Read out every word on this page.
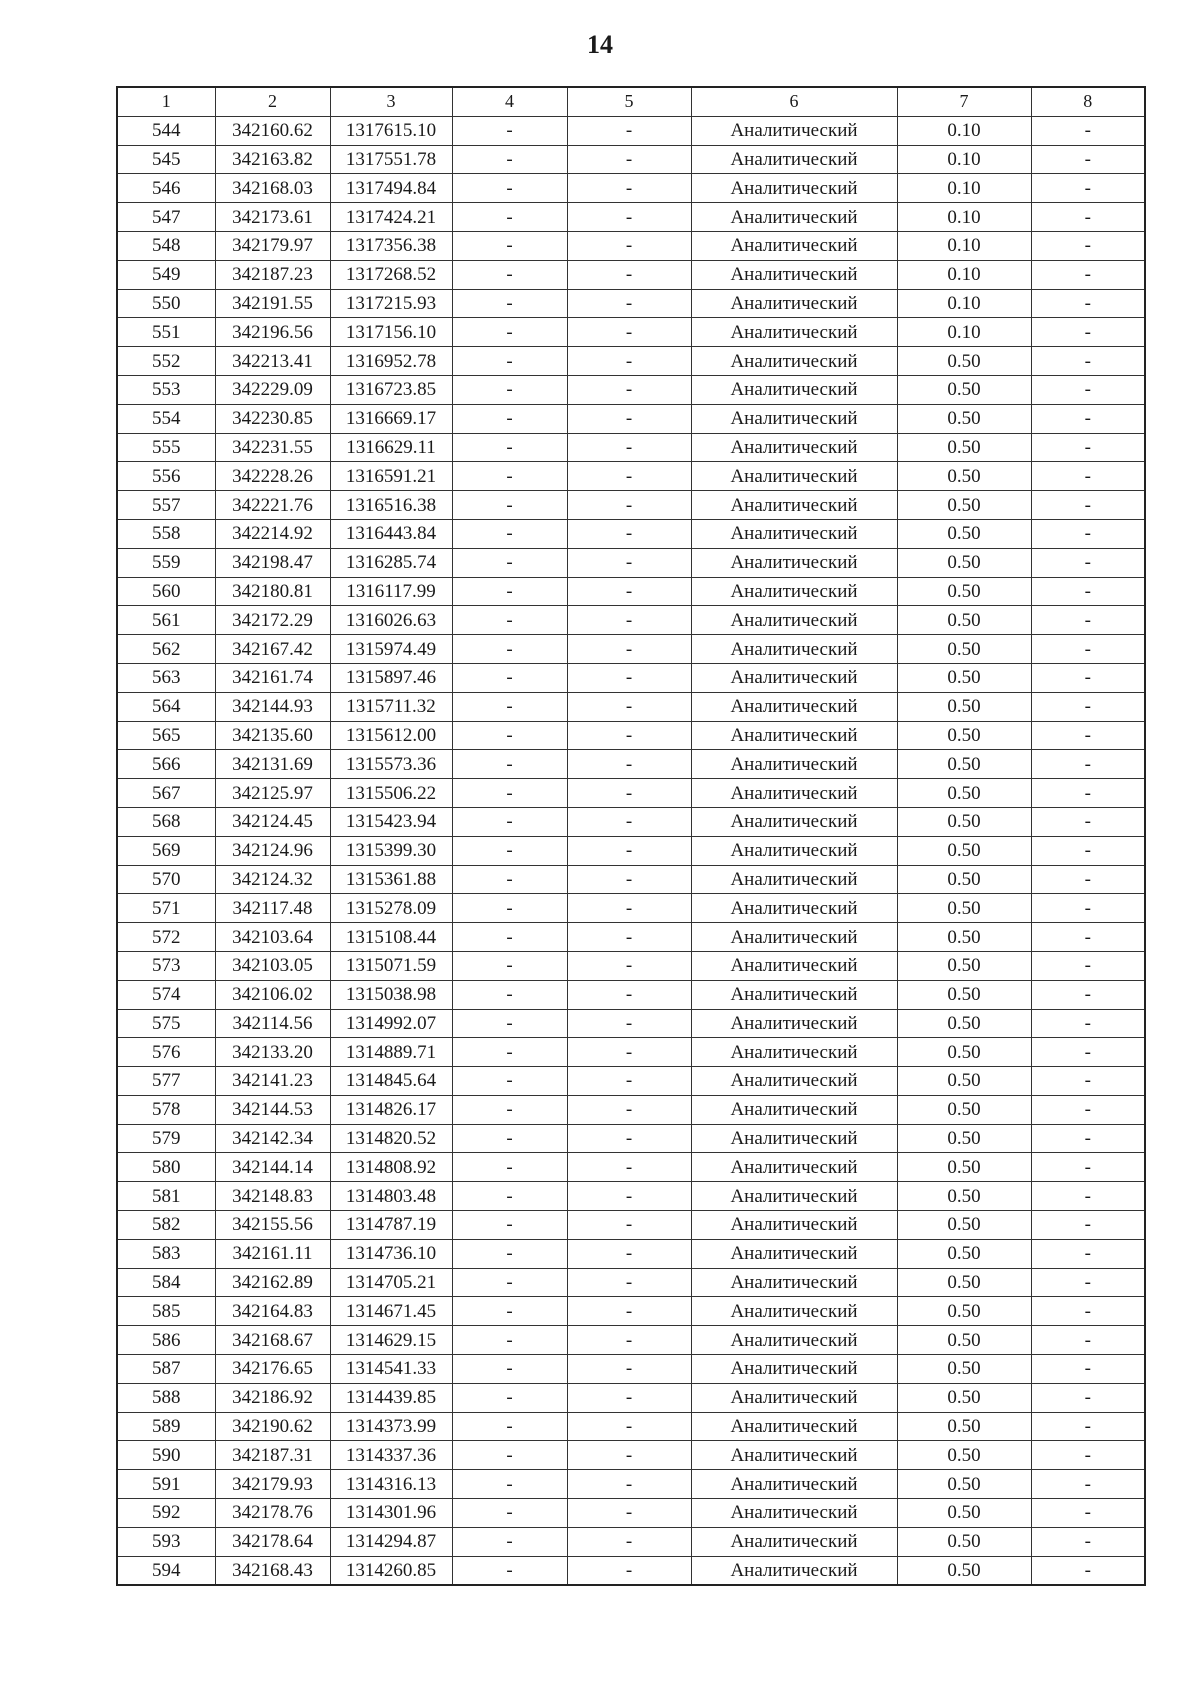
14
1	2	3	4	5	6	7	8
544	342160.62	1317615.10	-	-	Аналитический	0.10	-
545	342163.82	1317551.78	-	-	Аналитический	0.10	-
546	342168.03	1317494.84	-	-	Аналитический	0.10	-
547	342173.61	1317424.21	-	-	Аналитический	0.10	-
548	342179.97	1317356.38	-	-	Аналитический	0.10	-
549	342187.23	1317268.52	-	-	Аналитический	0.10	-
550	342191.55	1317215.93	-	-	Аналитический	0.10	-
551	342196.56	1317156.10	-	-	Аналитический	0.10	-
552	342213.41	1316952.78	-	-	Аналитический	0.50	-
553	342229.09	1316723.85	-	-	Аналитический	0.50	-
554	342230.85	1316669.17	-	-	Аналитический	0.50	-
555	342231.55	1316629.11	-	-	Аналитический	0.50	-
556	342228.26	1316591.21	-	-	Аналитический	0.50	-
557	342221.76	1316516.38	-	-	Аналитический	0.50	-
558	342214.92	1316443.84	-	-	Аналитический	0.50	-
559	342198.47	1316285.74	-	-	Аналитический	0.50	-
560	342180.81	1316117.99	-	-	Аналитический	0.50	-
561	342172.29	1316026.63	-	-	Аналитический	0.50	-
562	342167.42	1315974.49	-	-	Аналитический	0.50	-
563	342161.74	1315897.46	-	-	Аналитический	0.50	-
564	342144.93	1315711.32	-	-	Аналитический	0.50	-
565	342135.60	1315612.00	-	-	Аналитический	0.50	-
566	342131.69	1315573.36	-	-	Аналитический	0.50	-
567	342125.97	1315506.22	-	-	Аналитический	0.50	-
568	342124.45	1315423.94	-	-	Аналитический	0.50	-
569	342124.96	1315399.30	-	-	Аналитический	0.50	-
570	342124.32	1315361.88	-	-	Аналитический	0.50	-
571	342117.48	1315278.09	-	-	Аналитический	0.50	-
572	342103.64	1315108.44	-	-	Аналитический	0.50	-
573	342103.05	1315071.59	-	-	Аналитический	0.50	-
574	342106.02	1315038.98	-	-	Аналитический	0.50	-
575	342114.56	1314992.07	-	-	Аналитический	0.50	-
576	342133.20	1314889.71	-	-	Аналитический	0.50	-
577	342141.23	1314845.64	-	-	Аналитический	0.50	-
578	342144.53	1314826.17	-	-	Аналитический	0.50	-
579	342142.34	1314820.52	-	-	Аналитический	0.50	-
580	342144.14	1314808.92	-	-	Аналитический	0.50	-
581	342148.83	1314803.48	-	-	Аналитический	0.50	-
582	342155.56	1314787.19	-	-	Аналитический	0.50	-
583	342161.11	1314736.10	-	-	Аналитический	0.50	-
584	342162.89	1314705.21	-	-	Аналитический	0.50	-
585	342164.83	1314671.45	-	-	Аналитический	0.50	-
586	342168.67	1314629.15	-	-	Аналитический	0.50	-
587	342176.65	1314541.33	-	-	Аналитический	0.50	-
588	342186.92	1314439.85	-	-	Аналитический	0.50	-
589	342190.62	1314373.99	-	-	Аналитический	0.50	-
590	342187.31	1314337.36	-	-	Аналитический	0.50	-
591	342179.93	1314316.13	-	-	Аналитический	0.50	-
592	342178.76	1314301.96	-	-	Аналитический	0.50	-
593	342178.64	1314294.87	-	-	Аналитический	0.50	-
594	342168.43	1314260.85	-	-	Аналитический	0.50	-
